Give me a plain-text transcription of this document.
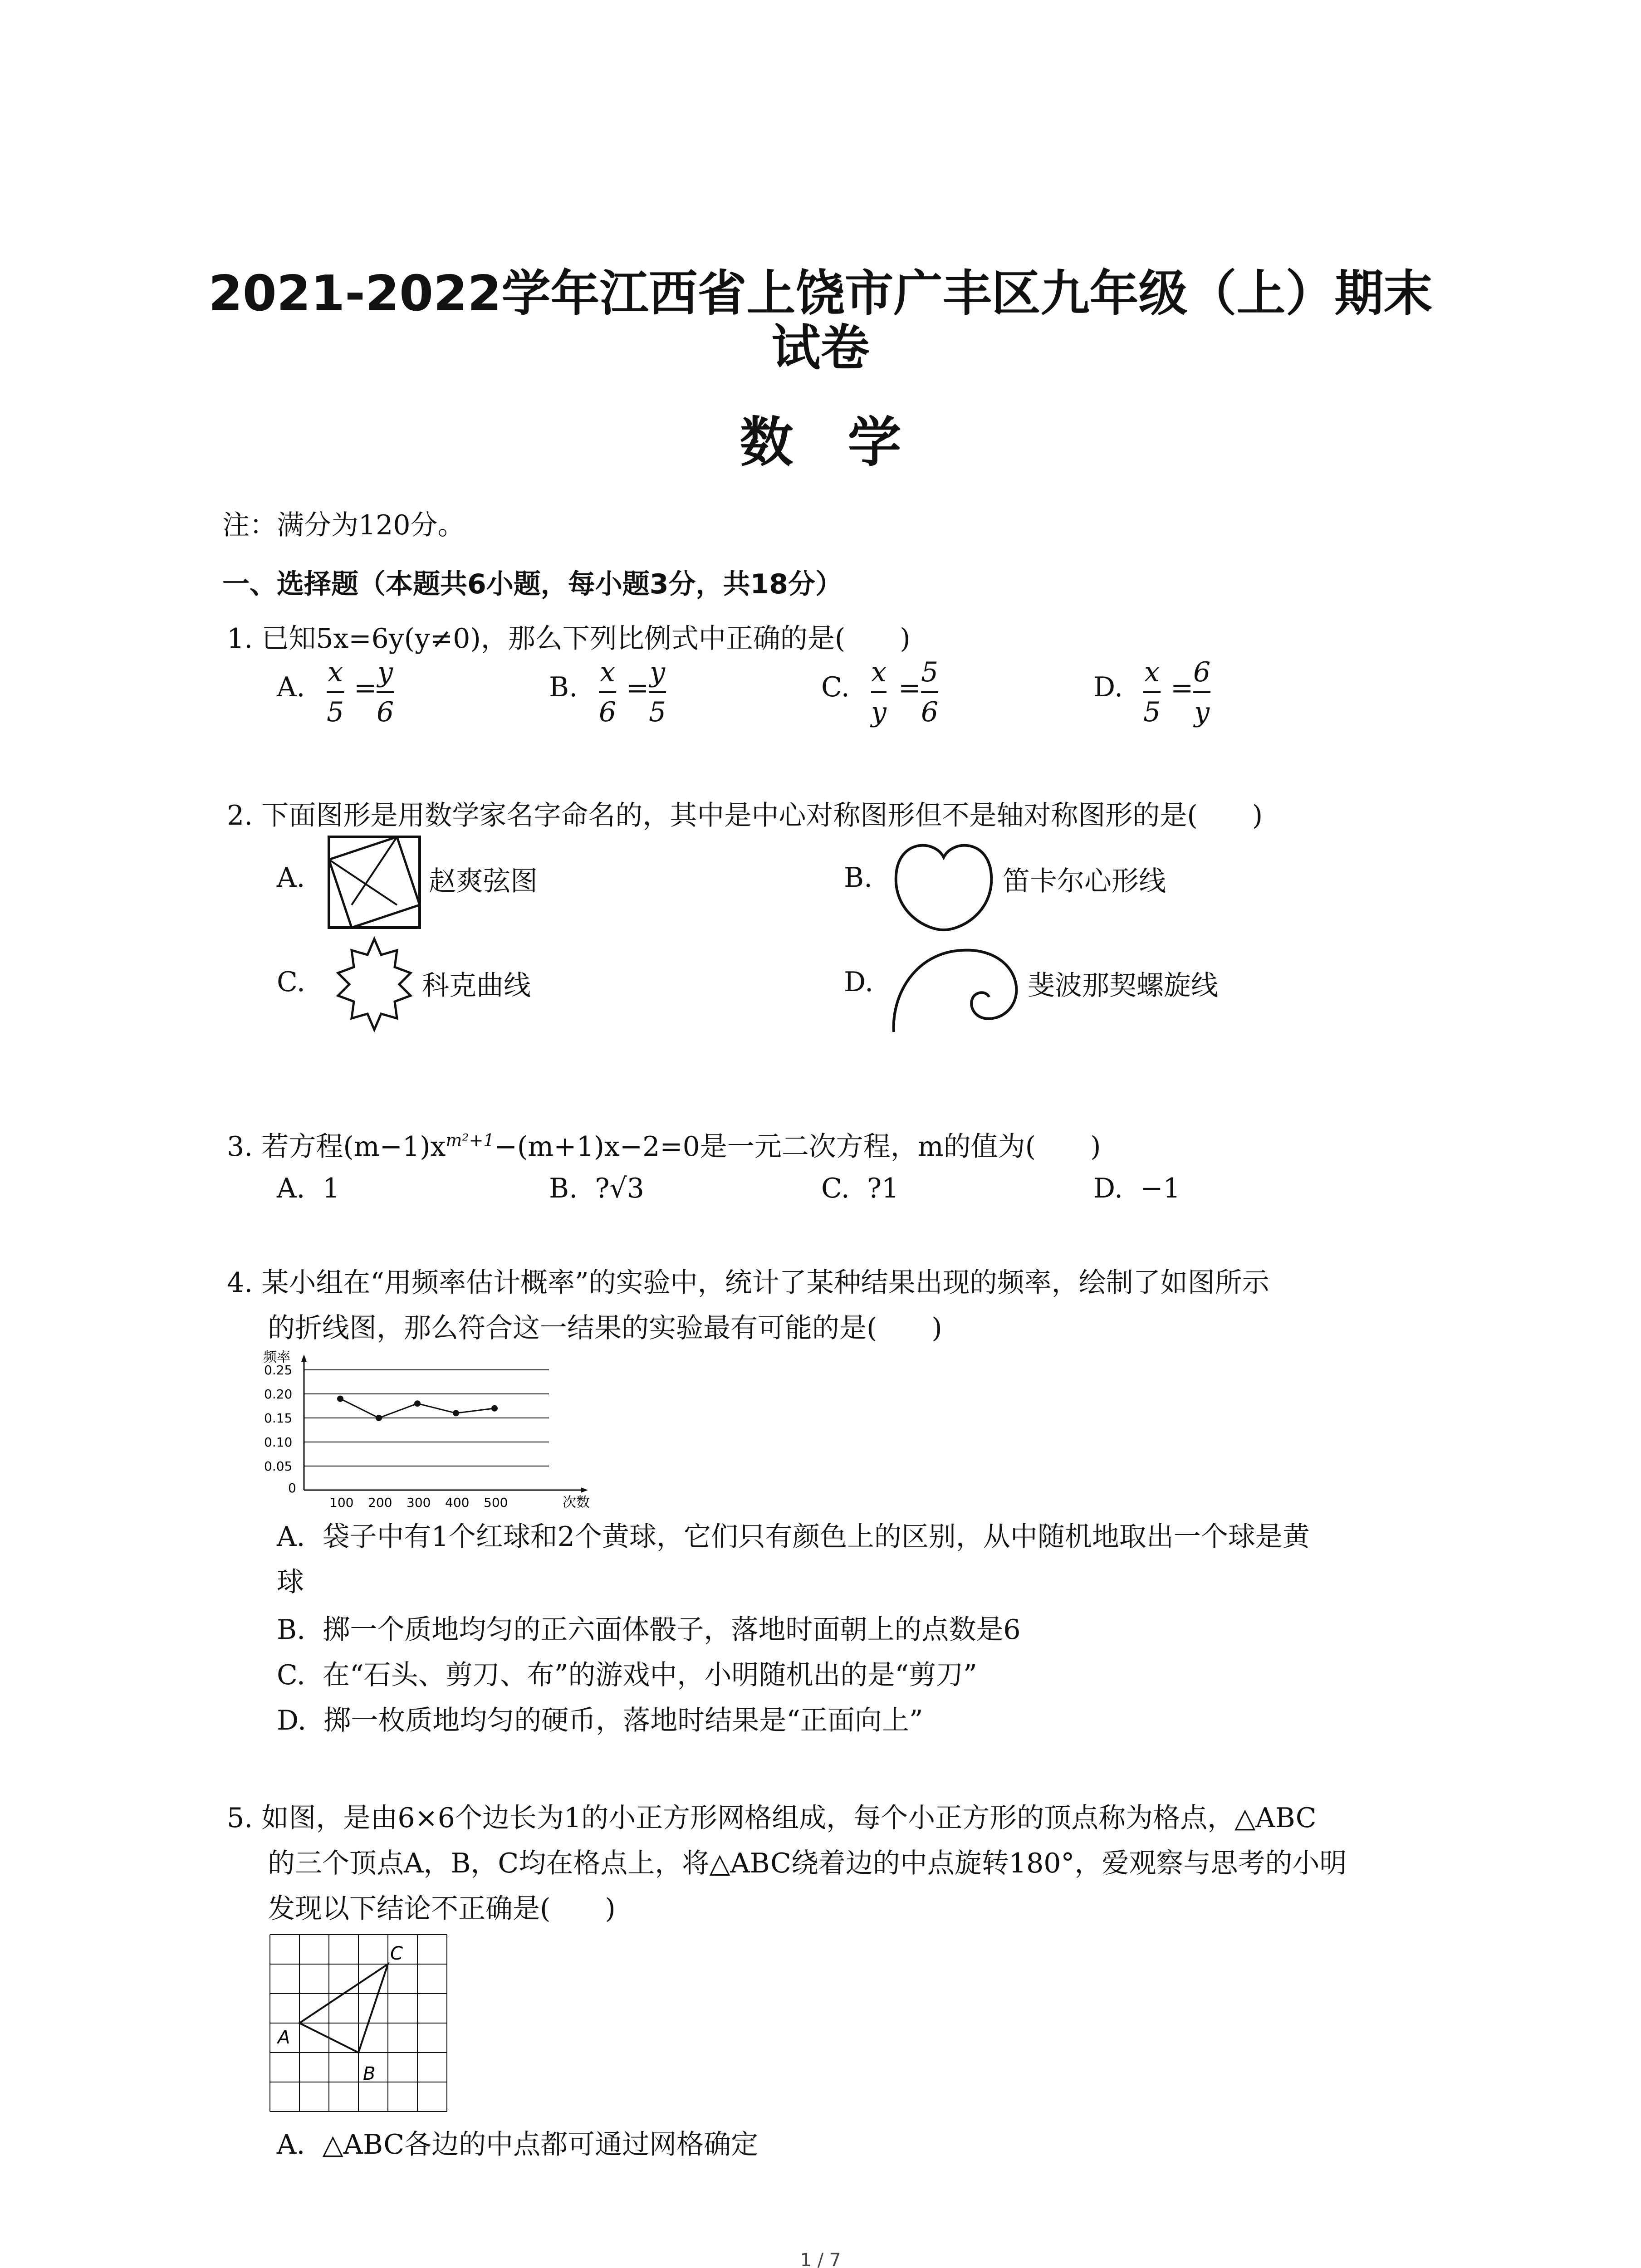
2021-2022学年江西省上饶市广丰区九年级（上）期末
试卷
数学
注：满分为120分。
一、选择题（本题共6小题，每小题3分，共18分）
1. 已知5x=6y(y≠0)，那么下列比例式中正确的是(　　)
A. x
5
= y
6
B. x
6
= y
5
C. x
y
= 5
6
D. x
5
= 6
y
2. 下面图形是用数学家名字命名的，其中是中心对称图形但不是轴对称图形的是(　　)
A.	赵爽弦图	B.	笛卡尔心形线
C.	科克曲线	D.	斐波那契螺旋线
3. 若方程$(m-1)x^{m^2+1}-(m+1)x-2=0$是一元二次方程，m的值为(　　)
A. 1	B. ?√3	C. ?1	D. −1
4. 某小组在“用频率估计概率”的实验中，统计了某种结果出现的频率，绘制了如图所示
的折线图，那么符合这一结果的实验最有可能的是(　　)
频率
次数
0
0.25
0.20
0.15
0.10
0.05
100 200 300 400 500
A. 袋子中有1个红球和2个黄球，它们只有颜色上的区别，从中随机地取出一个球是黄
球
B. 掷一个质地均匀的正六面体骰子，落地时面朝上的点数是6
C. 在“石头、剪刀、布”的游戏中，小明随机出的是“剪刀”
D. 掷一枚质地均匀的硬币，落地时结果是“正面向上”
5. 如图，是由6×6个边长为1的小正方形网格组成，每个小正方形的顶点称为格点，△ABC
的三个顶点A，B，C均在格点上，将△ABC绕着边的中点旋转180°，爱观察与思考的小明
发现以下结论不正确是(　　)
A
B
C
A. △ABC各边的中点都可通过网格确定
1 / 7
